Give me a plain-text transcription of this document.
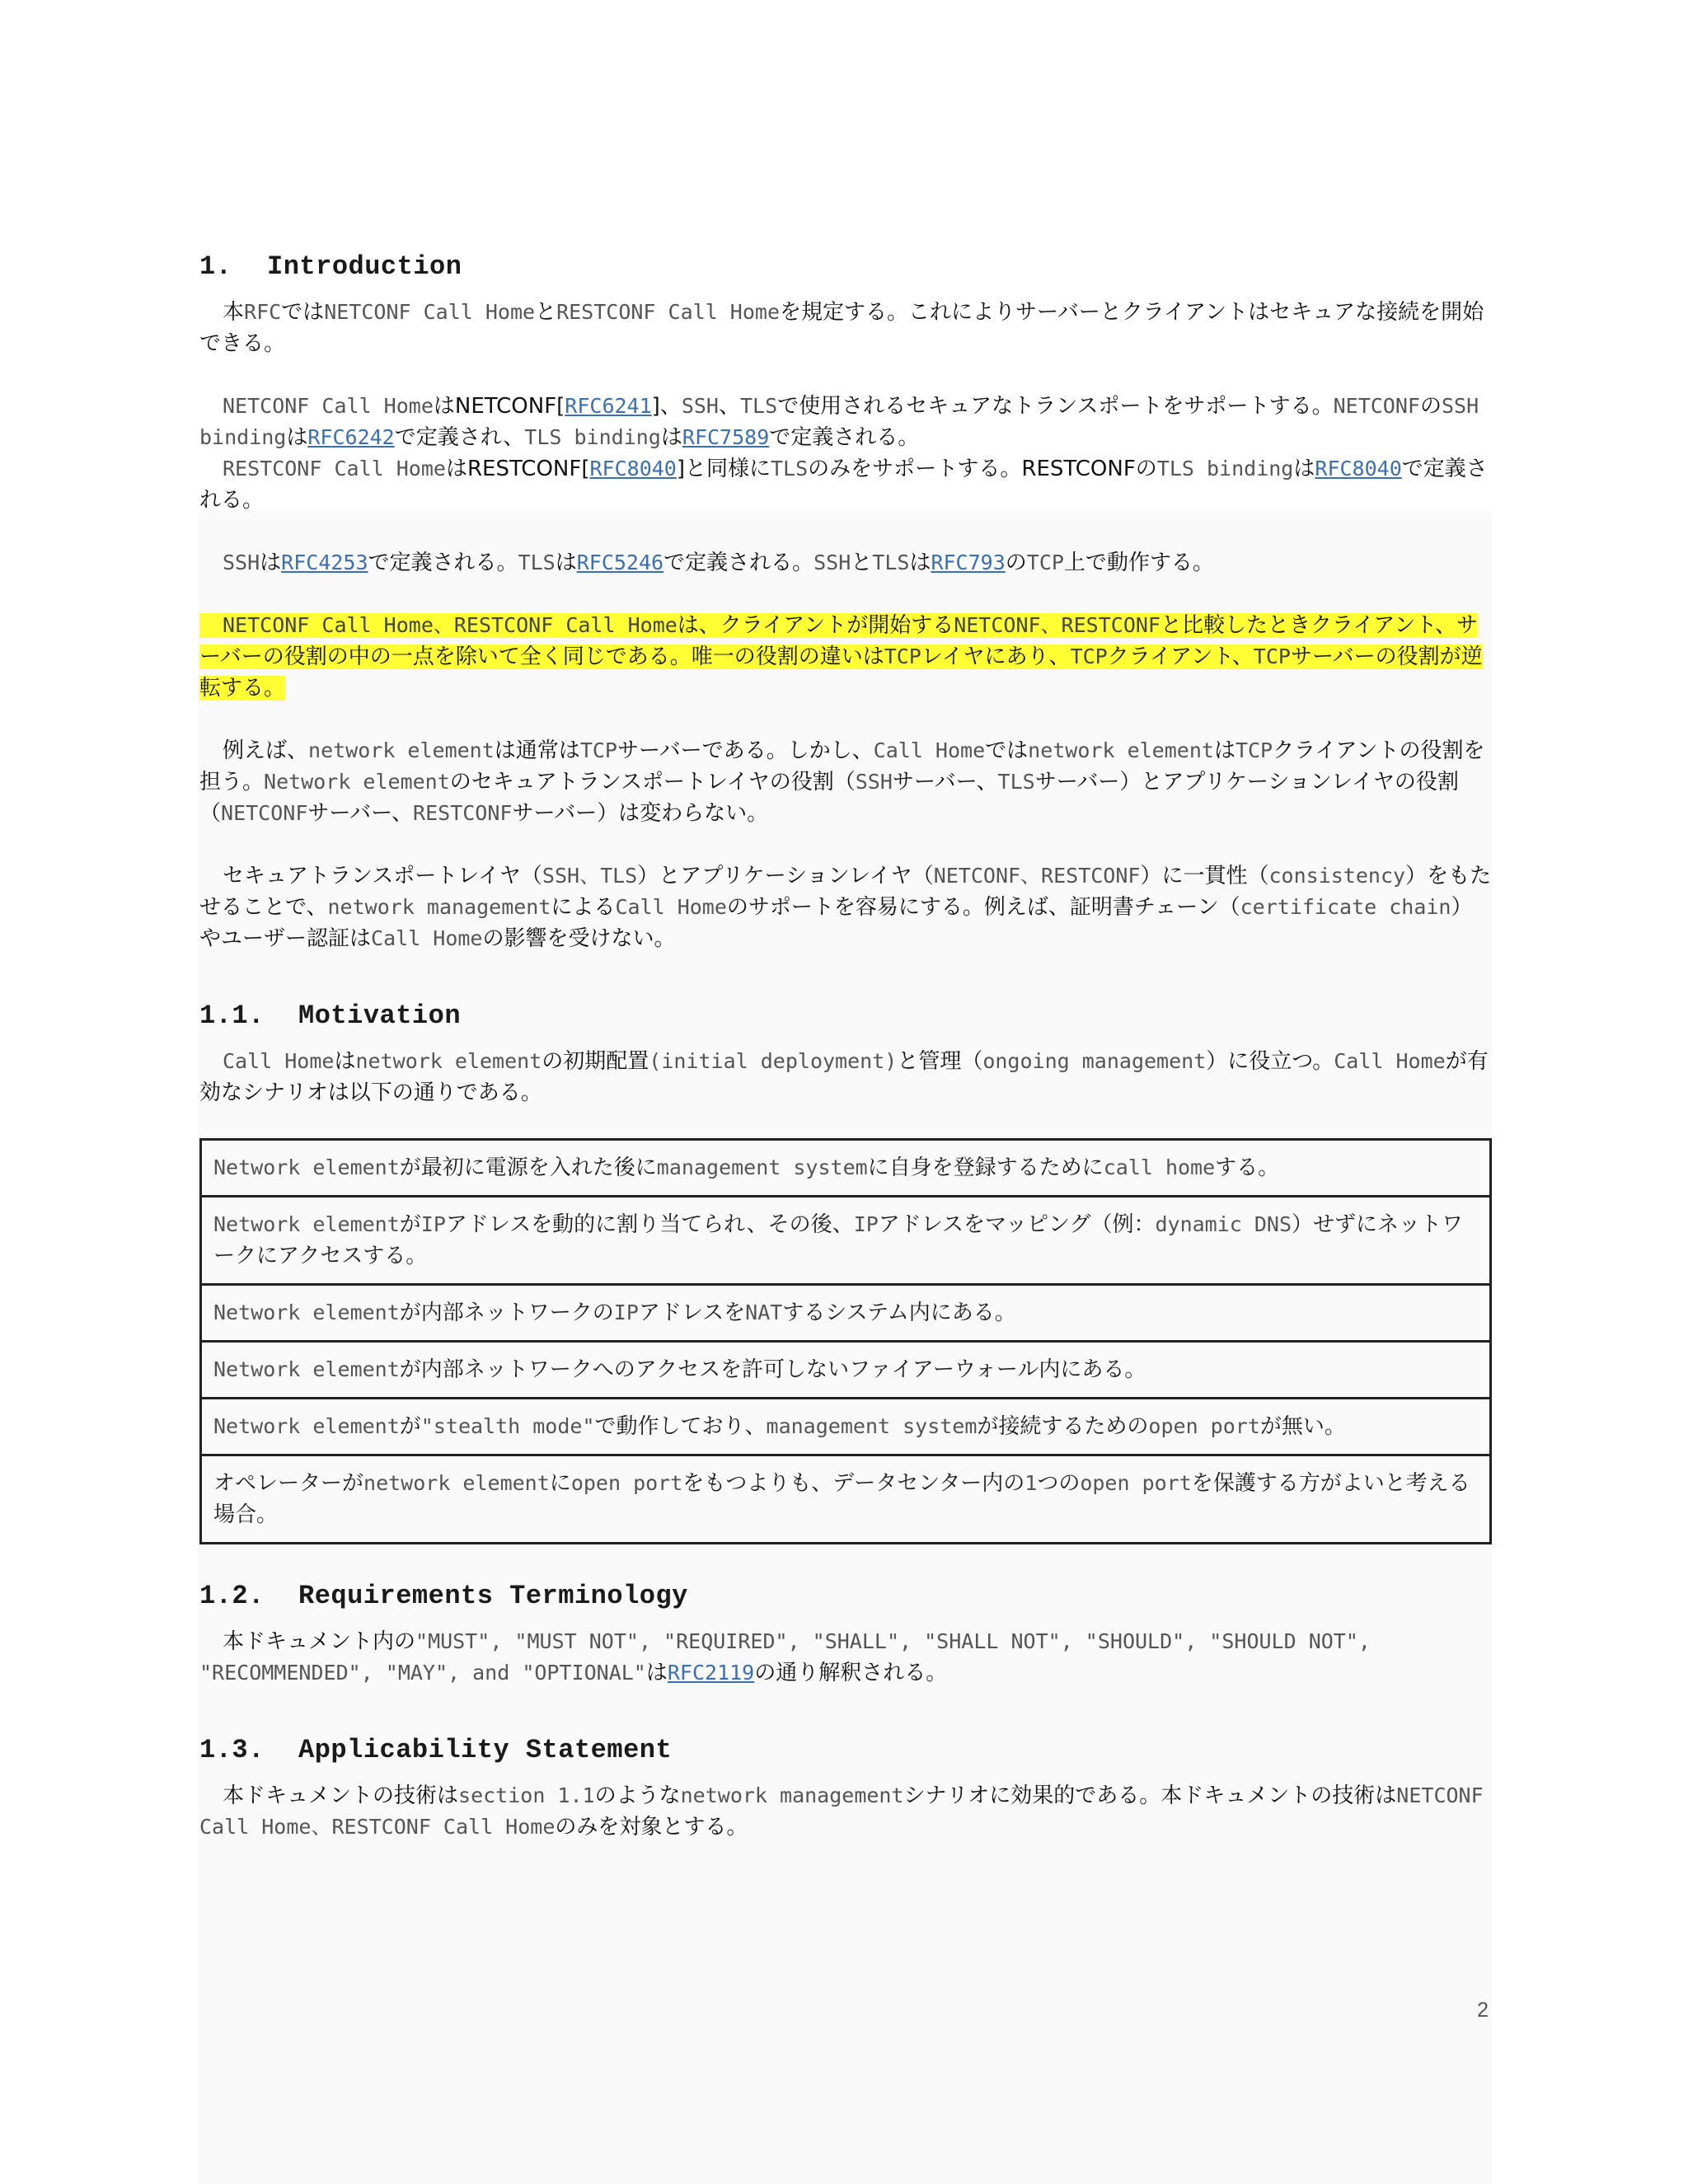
1. Introduction

本RFCではNETCONF Call HomeとRESTCONF Call Homeを規定する。これによりサーバーとクライアントはセキュアな接続を開始できる。

NETCONF Call HomeはNETCONF[RFC6241]、SSH、TLSで使用されるセキュアなトランスポートをサポートする。NETCONFのSSH bindingはRFC6242で定義され、TLS bindingはRFC7589で定義される。
RESTCONF Call HomeはRESTCONF[RFC8040]と同様にTLSのみをサポートする。RESTCONFのTLS bindingはRFC8040で定義される。

SSHはRFC4253で定義される。TLSはRFC5246で定義される。SSHとTLSはRFC793のTCP上で動作する。

NETCONF Call Home、RESTCONF Call Homeは、クライアントが開始するNETCONF、RESTCONFと比較したときクライアント、サーバーの役割の中の一点を除いて全く同じである。唯一の役割の違いはTCPレイヤにあり、TCPクライアント、TCPサーバーの役割が逆転する。

例えば、network elementは通常はTCPサーバーである。しかし、Call Homeではnetwork elementはTCPクライアントの役割を担う。Network elementのセキュアトランスポートレイヤの役割（SSHサーバー、TLSサーバー）とアプリケーションレイヤの役割（NETCONFサーバー、RESTCONFサーバー）は変わらない。

セキュアトランスポートレイヤ（SSH、TLS）とアプリケーションレイヤ（NETCONF、RESTCONF）に一貫性（consistency）をもたせることで、network managementによるCall Homeのサポートを容易にする。例えば、証明書チェーン（certificate chain）やユーザー認証はCall Homeの影響を受けない。

1.1. Motivation

Call Homeはnetwork elementの初期配置(initial deployment)と管理（ongoing management）に役立つ。Call Homeが有効なシナリオは以下の通りである。

Network elementが最初に電源を入れた後にmanagement systemに自身を登録するためにcall homeする。
Network elementがIPアドレスを動的に割り当てられ、その後、IPアドレスをマッピング（例：dynamic DNS）せずにネットワークにアクセスする。
Network elementが内部ネットワークのIPアドレスをNATするシステム内にある。
Network elementが内部ネットワークへのアクセスを許可しないファイアーウォール内にある。
Network elementが"stealth mode"で動作しており、management systemが接続するためのopen portが無い。
オペレーターがnetwork elementにopen portをもつよりも、データセンター内の1つのopen portを保護する方がよいと考える場合。
1.2. Requirements Terminology

本ドキュメント内の"MUST", "MUST NOT", "REQUIRED", "SHALL", "SHALL NOT", "SHOULD", "SHOULD NOT", "RECOMMENDED", "MAY", and "OPTIONAL"はRFC2119の通り解釈される。

1.3. Applicability Statement

本ドキュメントの技術はsection 1.1のようなnetwork managementシナリオに効果的である。本ドキュメントの技術はNETCONF Call Home、RESTCONF Call Homeのみを対象とする。

2
